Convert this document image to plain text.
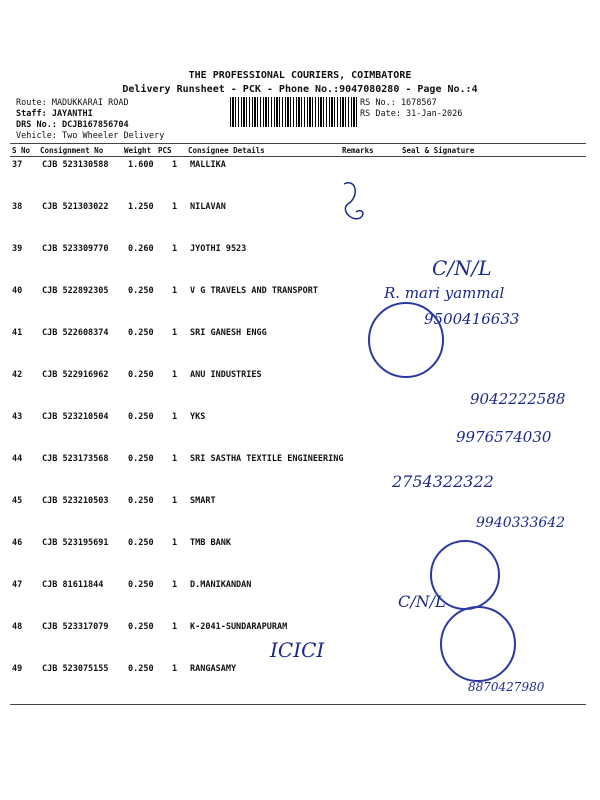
THE PROFESSIONAL COURIERS, COIMBATORE
Delivery Runsheet - PCK - Phone No.:9047080280 - Page No.:4
Route: MADUKKARAI ROAD
Staff: JAYANTHI
DRS No.: DCJB167856704
Vehicle: Two Wheeler Delivery
RS No.: 1678567
RS Date: 31-Jan-2026
S No Consignment No	Weight PCS Consignee Details	Remarks	Seal & Signature
37 CJB 523130588 1.600 1 MALLIKA
38 CJB 521303022 1.250 1 NILAVAN
39 CJB 523309770 0.260 1 JYOTHI 9523
40 CJB 522892305 0.250 1 V G TRAVELS AND TRANSPORT
41 CJB 522608374 0.250 1 SRI GANESH ENGG
42 CJB 522916962 0.250 1 ANU INDUSTRIES
43 CJB 523210504 0.250 1 YKS
44 CJB 523173568 0.250 1 SRI SASTHA TEXTILE ENGINEERING
45 CJB 523210503 0.250 1 SMART
46 CJB 523195691 0.250 1 TMB BANK
47 CJB 81611844	0.250 1 D.MANIKANDAN
48 CJB 523317079 0.250 1 K-2041-SUNDARAPURAM
49 CJB 523075155 0.250 1 RANGASAMY
C/N/L
R. mari yammal
9500416633
9042222588
9976574030
2754322322
9940333642
C/N/L
ICICI
8870427980
